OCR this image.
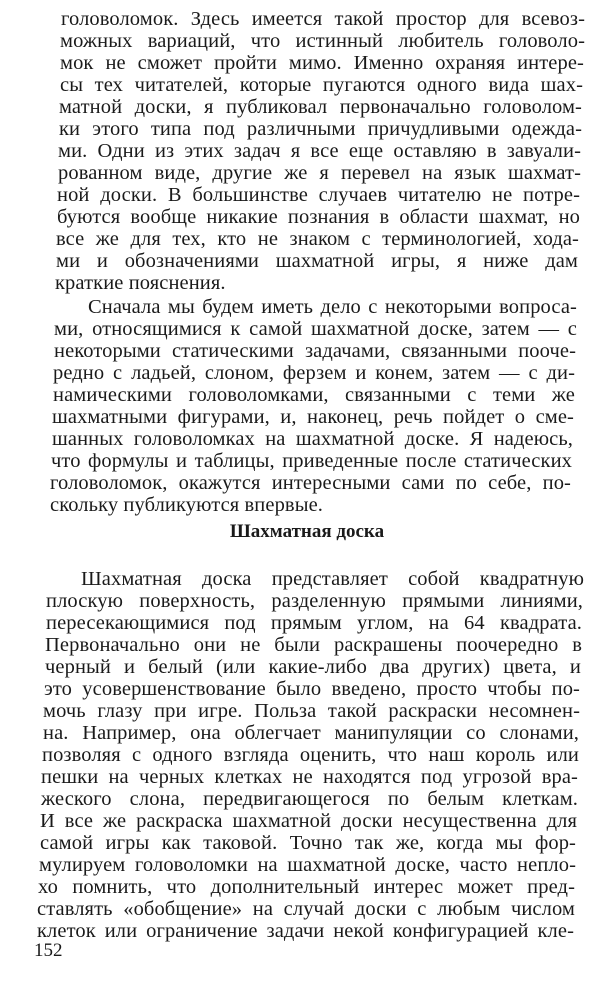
головоломок. Здесь имеется такой простор для всевоз-
можных вариаций, что истинный любитель головоло-
мок не сможет пройти мимо. Именно охраняя интере-
сы тех читателей, которые пугаются одного вида шах-
матной доски, я публиковал первоначально головолом-
ки этого типа под различными причудливыми одежда-
ми. Одни из этих задач я все еще оставляю в завуали-
рованном виде, другие же я перевел на язык шахмат-
ной доски. В большинстве случаев читателю не потре-
буются вообще никакие познания в области шахмат, но
все же для тех, кто не знаком с терминологией, хода-
ми и обозначениями шахматной игры, я ниже дам
краткие пояснения.
Сначала мы будем иметь дело с некоторыми вопроса-
ми, относящимися к самой шахматной доске, затем — с
некоторыми статическими задачами, связанными пооче-
редно с ладьей, слоном, ферзем и конем, затем — с ди-
намическими головоломками, связанными с теми же
шахматными фигурами, и, наконец, речь пойдет о сме-
шанных головоломках на шахматной доске. Я надеюсь,
что формулы и таблицы, приведенные после статических
головоломок, окажутся интересными сами по себе, по-
скольку публикуются впервые.
Шахматная доска
Шахматная доска представляет собой квадратную
плоскую поверхность, разделенную прямыми линиями,
пересекающимися под прямым углом, на 64 квадрата.
Первоначально они не были раскрашены поочередно в
черный и белый (или какие-либо два других) цвета, и
это усовершенствование было введено, просто чтобы по-
мочь глазу при игре. Польза такой раскраски несомнен-
на. Например, она облегчает манипуляции со слонами,
позволяя с одного взгляда оценить, что наш король или
пешки на черных клетках не находятся под угрозой вра-
жеского слона, передвигающегося по белым клеткам.
И все же раскраска шахматной доски несущественна для
самой игры как таковой. Точно так же, когда мы фор-
мулируем головоломки на шахматной доске, часто непло-
хо помнить, что дополнительный интерес может пред-
ставлять «обобщение» на случай доски с любым числом
клеток или ограничение задачи некой конфигурацией кле-
152
